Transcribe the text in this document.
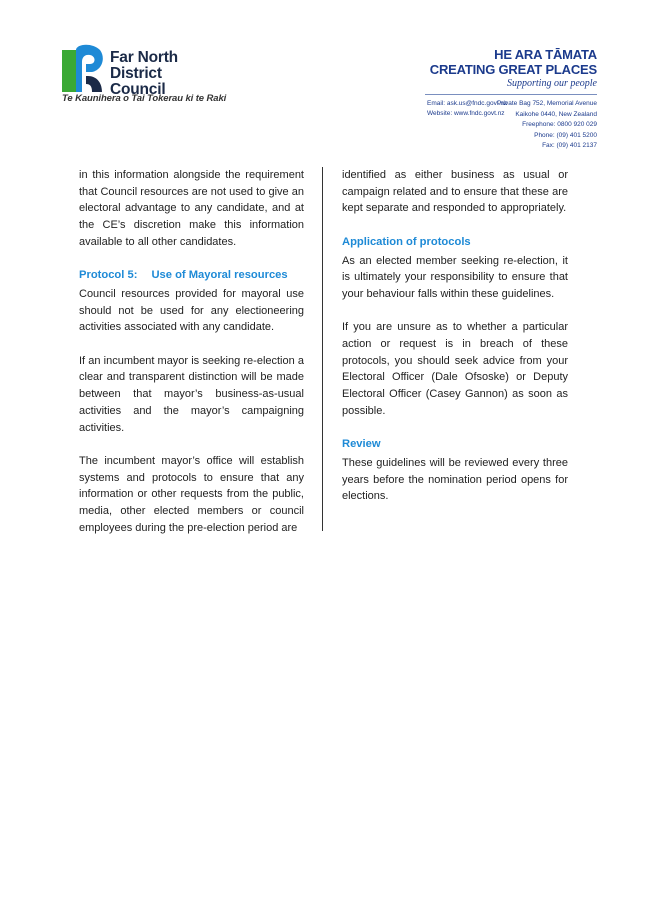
Far North
District Council
Te Kaunihera o Tai Tokerau ki te Raki
HE ARA TĀMATA
CREATING GREAT PLACES
Supporting our people
Email: ask.us@fndc.govt.nz
Website: www.fndc.govt.nz
Private Bag 752, Memorial Avenue
Kaikohe 0440, New Zealand
Freephone: 0800 920 029
Phone: (09) 401 5200
Fax: (09) 401 2137

in this information alongside the requirement that Council resources are not used to give an electoral advantage to any candidate, and at the CE’s discretion make this information available to all other candidates.

Protocol 5: Use of Mayoral resources

Council resources provided for mayoral use should not be used for any electioneering activities associated with any candidate.

If an incumbent mayor is seeking re-election a clear and transparent distinction will be made between that mayor’s business-as-usual activities and the mayor’s campaigning activities.

The incumbent mayor’s office will establish systems and protocols to ensure that any information or other requests from the public, media, other elected members or council employees during the pre-election period are

identified as either business as usual or campaign related and to ensure that these are kept separate and responded to appropriately.

Application of protocols

As an elected member seeking re-election, it is ultimately your responsibility to ensure that your behaviour falls within these guidelines.

If you are unsure as to whether a particular action or request is in breach of these protocols, you should seek advice from your Electoral Officer (Dale Ofsoske) or Deputy Electoral Officer (Casey Gannon) as soon as possible.

Review

These guidelines will be reviewed every three years before the nomination period opens for elections.
